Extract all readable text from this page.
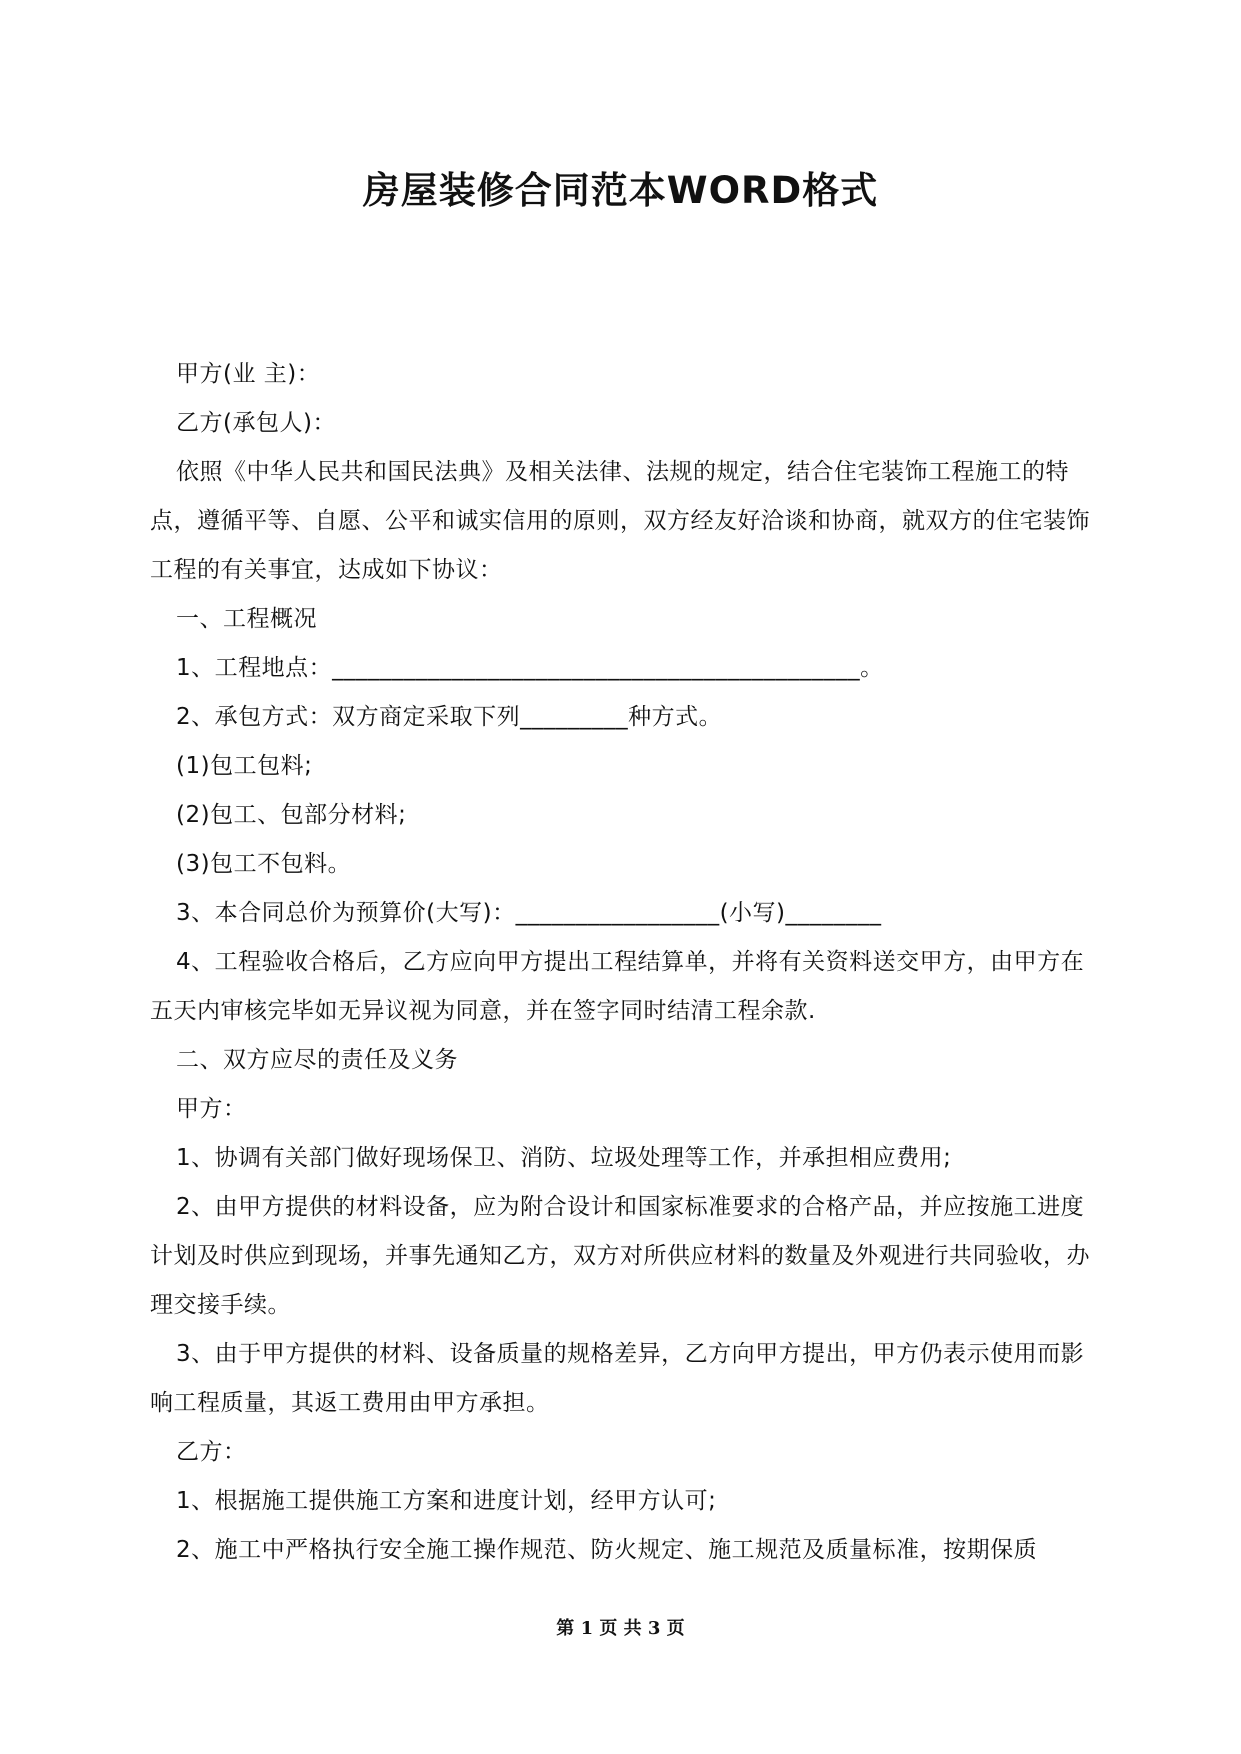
房屋装修合同范本WORD格式

甲方(业 主)：

乙方(承包人)：

依照《中华人民共和国民法典》及相关法律、法规的规定，结合住宅装饰工程施工的特点，遵循平等、自愿、公平和诚实信用的原则，双方经友好洽谈和协商，就双方的住宅装饰工程的有关事宜，达成如下协议：

一、工程概况

1、工程地点：____________________________________________。

2、承包方式：双方商定采取下列_________种方式。

(1)包工包料;

(2)包工、包部分材料;

(3)包工不包料。

3、本合同总价为预算价(大写)：_________________(小写)________

4、工程验收合格后，乙方应向甲方提出工程结算单，并将有关资料送交甲方，由甲方在五天内审核完毕如无异议视为同意，并在签字同时结清工程余款.

二、双方应尽的责任及义务

甲方：

1、协调有关部门做好现场保卫、消防、垃圾处理等工作，并承担相应费用;

2、由甲方提供的材料设备，应为附合设计和国家标准要求的合格产品，并应按施工进度计划及时供应到现场，并事先通知乙方，双方对所供应材料的数量及外观进行共同验收，办理交接手续。

3、由于甲方提供的材料、设备质量的规格差异，乙方向甲方提出，甲方仍表示使用而影响工程质量，其返工费用由甲方承担。

乙方：

1、根据施工提供施工方案和进度计划，经甲方认可;

2、施工中严格执行安全施工操作规范、防火规定、施工规范及质量标准，按期保质

第 1 页 共 3 页
